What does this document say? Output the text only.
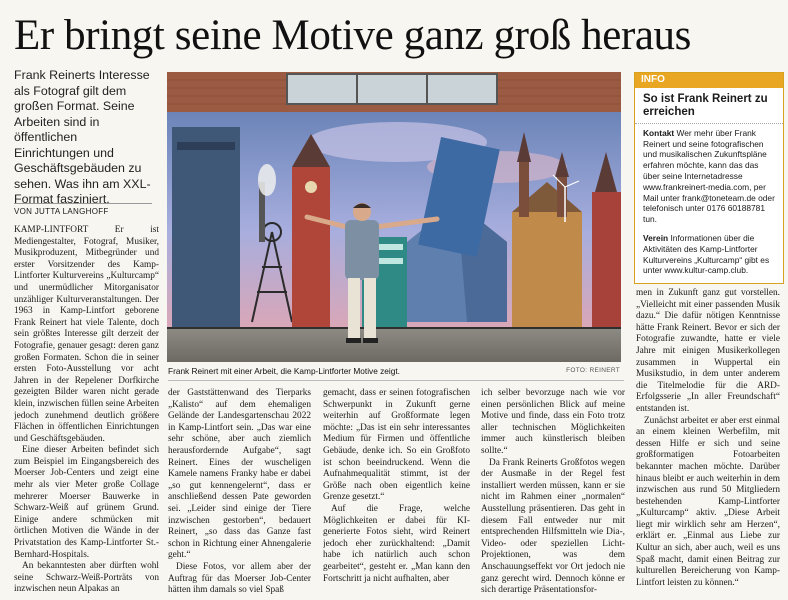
Er bringt seine Motive ganz groß heraus
Frank Reinerts Interesse als Fotograf gilt dem großen Format. Seine Arbeiten sind in öffentlichen Einrichtungen und Geschäftsgebäuden zu sehen. Was ihn am XXL-Format fasziniert.
VON JUTTA LANGHOFF

KAMP-LINTFORT Er ist Mediengestalter, Fotograf, Musiker, Musikproduzent, Mitbegründer und erster Vorsitzender des Kamp-Lintforter Kulturvereins „Kulturcamp“ und unermüdlicher Mitorganisator unzähliger Kulturveranstaltungen. Der 1963 in Kamp-Lintfort geborene Frank Reinert hat viele Talente, doch sein größtes Interesse gilt derzeit der Fotografie, genauer gesagt: deren ganz großen Formaten. Schon die in seiner ersten Foto-Ausstellung vor acht Jahren in der Repelener Dorfkirche gezeigten Bilder waren nicht gerade klein, inzwischen füllen seine Arbeiten jedoch zunehmend deutlich größere Flächen in öffentlichen Einrichtungen und Geschäftsgebäuden.

Eine dieser Arbeiten befindet sich zum Beispiel im Eingangsbereich des Moerser Job-Centers und zeigt eine mehr als vier Meter große Collage mehrerer Moerser Bauwerke in Schwarz-Weiß auf grünem Grund. Einige andere schmücken mit örtlichen Motiven die Wände in der Privatstation des Kamp-Lintforter St.-Bernhard-Hospitals.

An bekanntesten aber dürften wohl seine Schwarz-Weiß-Porträts von inzwischen neun Alpakas an

Frank Reinert mit einer Arbeit, die Kamp-Lintforter Motive zeigt.	FOTO: REINERT
INFO
So ist Frank Reinert zu erreichen

Kontakt Wer mehr über Frank Reinert und seine fotografischen und musikalischen Zukunftspläne erfahren möchte, kann das das über seine Internetadresse www.frankreinert-media.com, per Mail unter frank@toneteam.de oder telefonisch unter 0176 60188781 tun.

Verein Informationen über die Aktivitäten des Kamp-Lintforter Kulturvereins „Kulturcamp“ gibt es unter www.kultur-camp.club.

der Gaststättenwand des Tierparks „Kalisto“ auf dem ehemaligen Gelände der Landesgartenschau 2022 in Kamp-Lintfort sein. „Das war eine sehr schöne, aber auch ziemlich herausfordernde Aufgabe“, sagt Reinert. Eines der wuscheligen Kamele namens Franky habe er dabei „so gut kennengelernt“, dass er anschließend dessen Pate geworden sei. „Leider sind einige der Tiere inzwischen gestorben“, bedauert Reinert, „so dass das Ganze fast schon in Richtung einer Ahnengalerie geht.“

Diese Fotos, vor allem aber der Auftrag für das Moerser Job-Center hätten ihm damals so viel Spaß

gemacht, dass er seinen fotografischen Schwerpunkt in Zukunft gerne weiterhin auf Großformate legen möchte: „Das ist ein sehr interessantes Medium für Firmen und öffentliche Gebäude, denke ich. So ein Großfoto ist schon beeindruckend. Wenn die Aufnahmequalität stimmt, ist der Größe nach oben eigentlich keine Grenze gesetzt.“

Auf die Frage, welche Möglichkeiten er dabei für KI-generierte Fotos sieht, wird Reinert jedoch eher zurückhaltend: „Damit habe ich natürlich auch schon gearbeitet“, gesteht er. „Man kann den Fortschritt ja nicht aufhalten, aber

ich selber bevorzuge nach wie vor einen persönlichen Blick auf meine Motive und finde, dass ein Foto trotz aller technischen Möglichkeiten immer auch künstlerisch bleiben sollte.“

Da Frank Reinerts Großfotos wegen der Ausmaße in der Regel fest installiert werden müssen, kann er sie nicht im Rahmen einer „normalen“ Ausstellung präsentieren. Das geht in diesem Fall entweder nur mit entsprechenden Hilfsmitteln wie Dia-, Video- oder speziellen Licht-Projektionen, was dem Anschauungseffekt vor Ort jedoch nie ganz gerecht wird. Dennoch könne er sich derartige Präsentationsfor-

men in Zukunft ganz gut vorstellen. „Vielleicht mit einer passenden Musik dazu.“ Die dafür nötigen Kenntnisse hätte Frank Reinert. Bevor er sich der Fotografie zuwandte, hatte er viele Jahre mit einigen Musikerkollegen zusammen in Wuppertal ein Musikstudio, in dem unter anderem die Titelmelodie für die ARD-Erfolgsserie „In aller Freundschaft“ entstanden ist.

Zunächst arbeitet er aber erst einmal an einem kleinen Werbefilm, mit dessen Hilfe er sich und seine großformatigen Fotoarbeiten bekannter machen möchte. Darüber hinaus bleibt er auch weiterhin in dem inzwischen aus rund 50 Mitgliedern bestehenden Kamp-Lintforter „Kulturcamp“ aktiv. „Diese Arbeit liegt mir wirklich sehr am Herzen“, erklärt er. „Einmal aus Liebe zur Kultur an sich, aber auch, weil es uns Spaß macht, damit einen Beitrag zur kulturellen Bereicherung von Kamp-Lintfort leisten zu können.“
